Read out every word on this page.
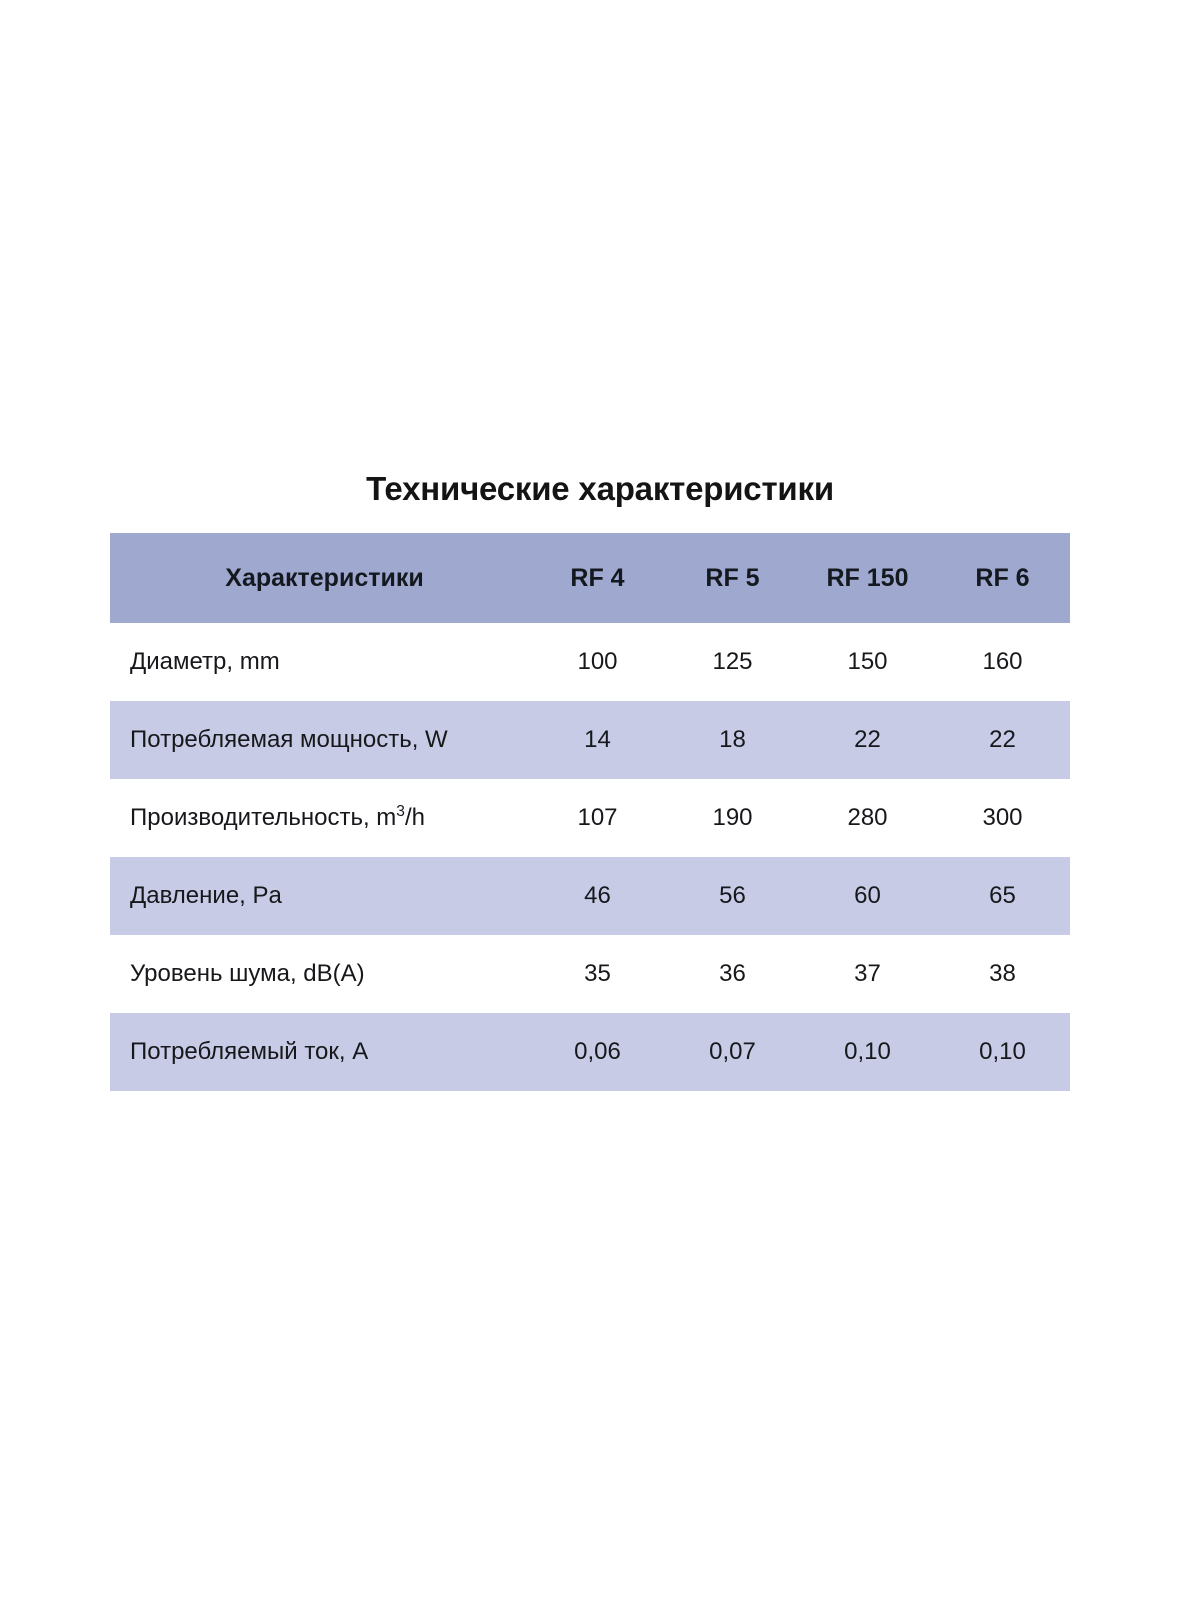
Технические характеристики
Характеристики	RF 4	RF 5	RF 150	RF 6
Диаметр, mm	100	125	150	160
Потребляемая мощность, W	14	18	22	22
Производительность, $m^3/h$	107	190	280	300
Давление, Pa	46	56	60	65
Уровень шума, dB(A)	35	36	37	38
Потребляемый ток, A	0,06	0,07	0,10	0,10
